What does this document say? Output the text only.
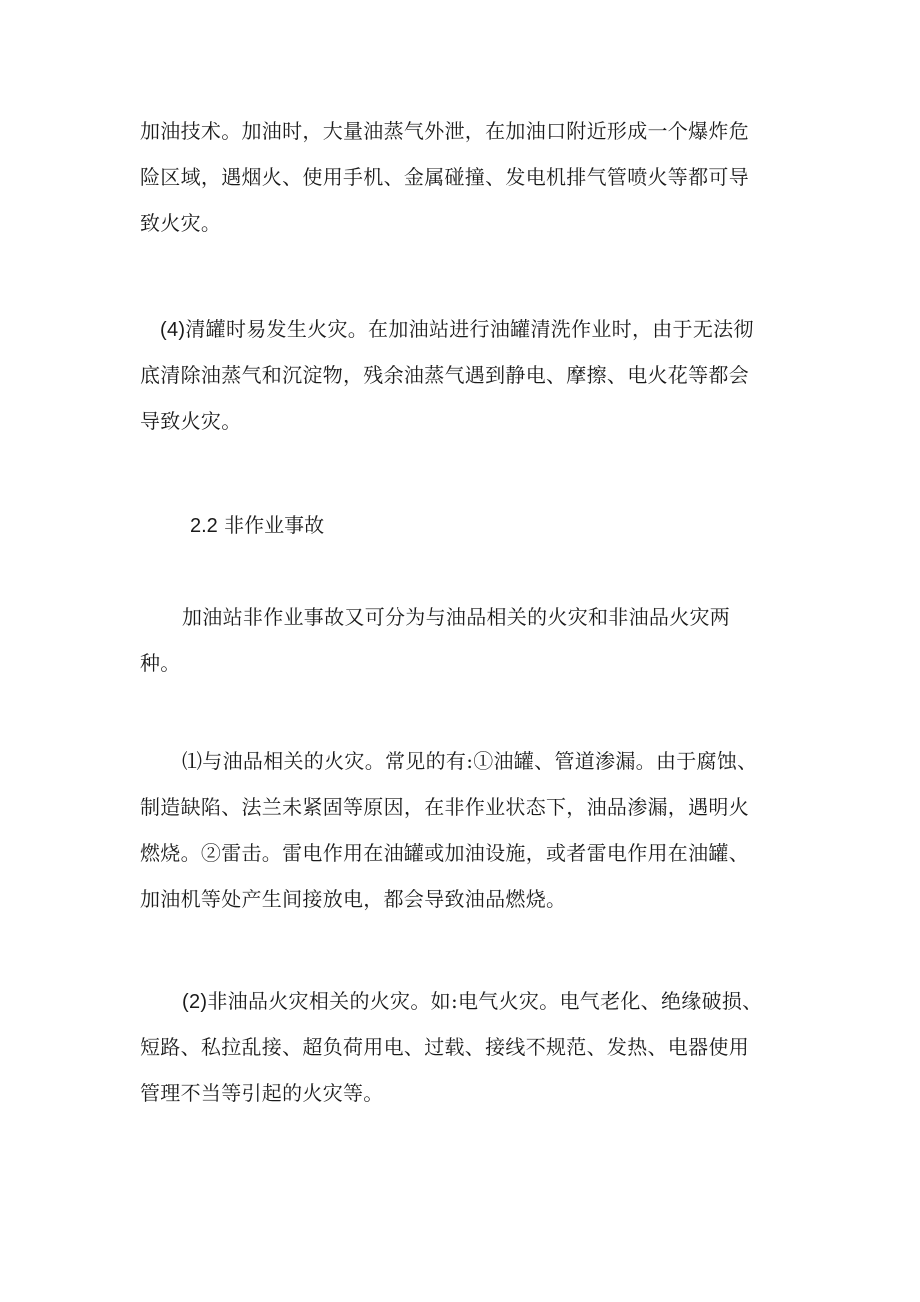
加油技术。加油时，大量油蒸气外泄，在加油口附近形成一个爆炸危
险区域，遇烟火、使用手机、金属碰撞、发电机排气管喷火等都可导
致火灾。
(4)清罐时易发生火灾。在加油站进行油罐清洗作业时，由于无法彻
底清除油蒸气和沉淀物，残余油蒸气遇到静电、摩擦、电火花等都会
导致火灾。
2.2 非作业事故
加油站非作业事故又可分为与油品相关的火灾和非油品火灾两
种。
⑴与油品相关的火灾。常见的有:①油罐、管道渗漏。由于腐蚀、
制造缺陷、法兰未紧固等原因，在非作业状态下，油品渗漏，遇明火
燃烧。②雷击。雷电作用在油罐或加油设施，或者雷电作用在油罐、
加油机等处产生间接放电，都会导致油品燃烧。
(2)非油品火灾相关的火灾。如:电气火灾。电气老化、绝缘破损、
短路、私拉乱接、超负荷用电、过载、接线不规范、发热、电器使用
管理不当等引起的火灾等。
